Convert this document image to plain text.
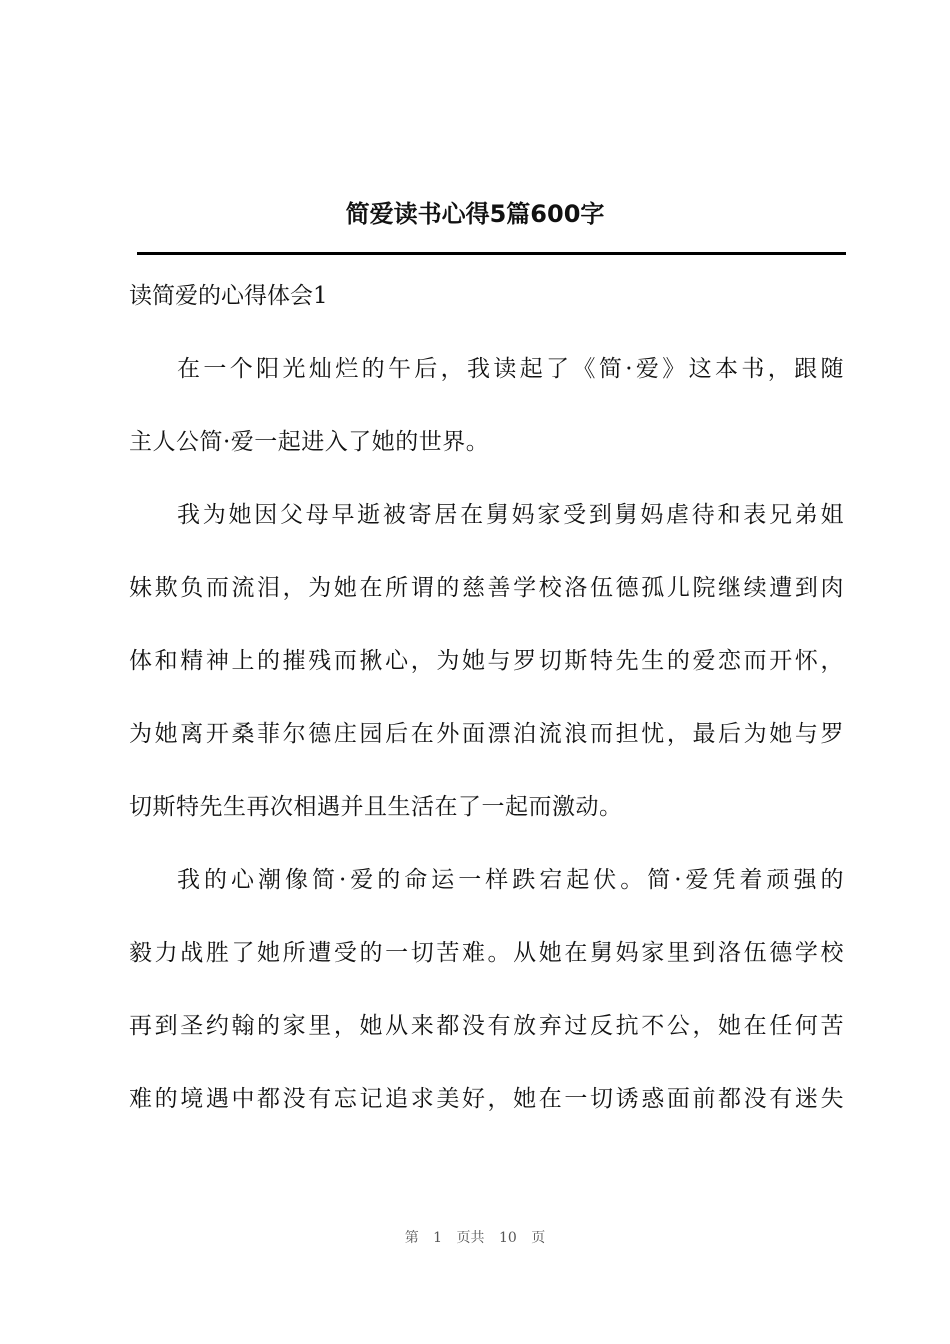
简爱读书心得5篇600字
读简爱的心得体会1
在一个阳光灿烂的午后，我读起了《简·爱》这本书，跟随
主人公简·爱一起进入了她的世界。
我为她因父母早逝被寄居在舅妈家受到舅妈虐待和表兄弟姐
妹欺负而流泪，为她在所谓的慈善学校洛伍德孤儿院继续遭到肉
体和精神上的摧残而揪心，为她与罗切斯特先生的爱恋而开怀，
为她离开桑菲尔德庄园后在外面漂泊流浪而担忧，最后为她与罗
切斯特先生再次相遇并且生活在了一起而激动。
我的心潮像简·爱的命运一样跌宕起伏。简·爱凭着顽强的
毅力战胜了她所遭受的一切苦难。从她在舅妈家里到洛伍德学校
再到圣约翰的家里，她从来都没有放弃过反抗不公，她在任何苦
难的境遇中都没有忘记追求美好，她在一切诱惑面前都没有迷失
第 1 页共 10 页
